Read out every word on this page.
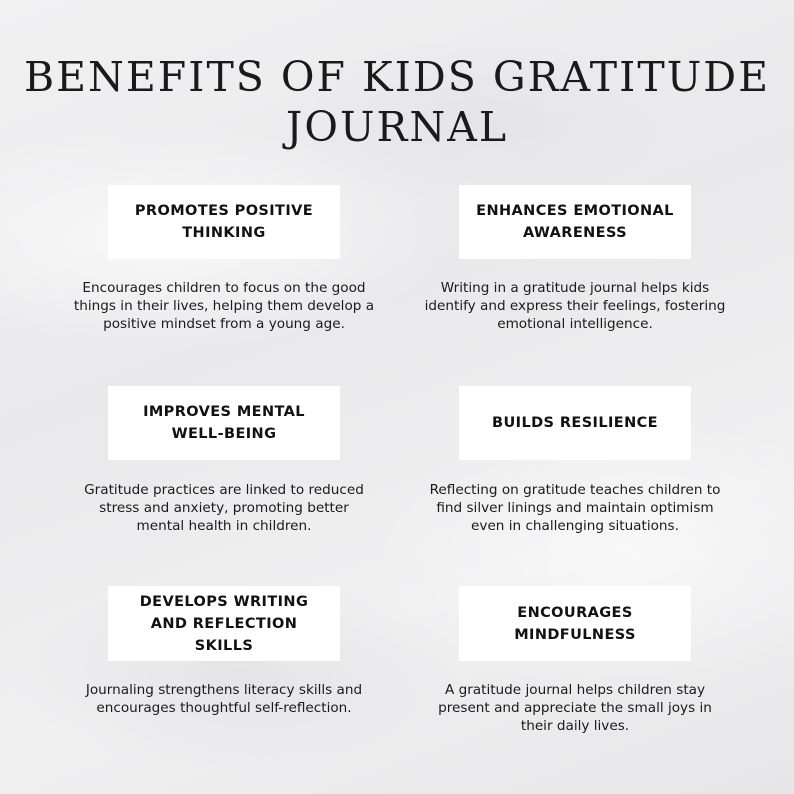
BENEFITS OF KIDS GRATITUDE
JOURNAL
PROMOTES POSITIVE
THINKING
Encourages children to focus on the good
things in their lives, helping them develop a
positive mindset from a young age.
ENHANCES EMOTIONAL
AWARENESS
Writing in a gratitude journal helps kids
identify and express their feelings, fostering
emotional intelligence.
IMPROVES MENTAL
WELL-BEING
Gratitude practices are linked to reduced
stress and anxiety, promoting better
mental health in children.
BUILDS RESILIENCE
Reflecting on gratitude teaches children to
find silver linings and maintain optimism
even in challenging situations.
DEVELOPS WRITING
AND REFLECTION
SKILLS
Journaling strengthens literacy skills and
encourages thoughtful self-reflection.
ENCOURAGES
MINDFULNESS
A gratitude journal helps children stay
present and appreciate the small joys in
their daily lives.
